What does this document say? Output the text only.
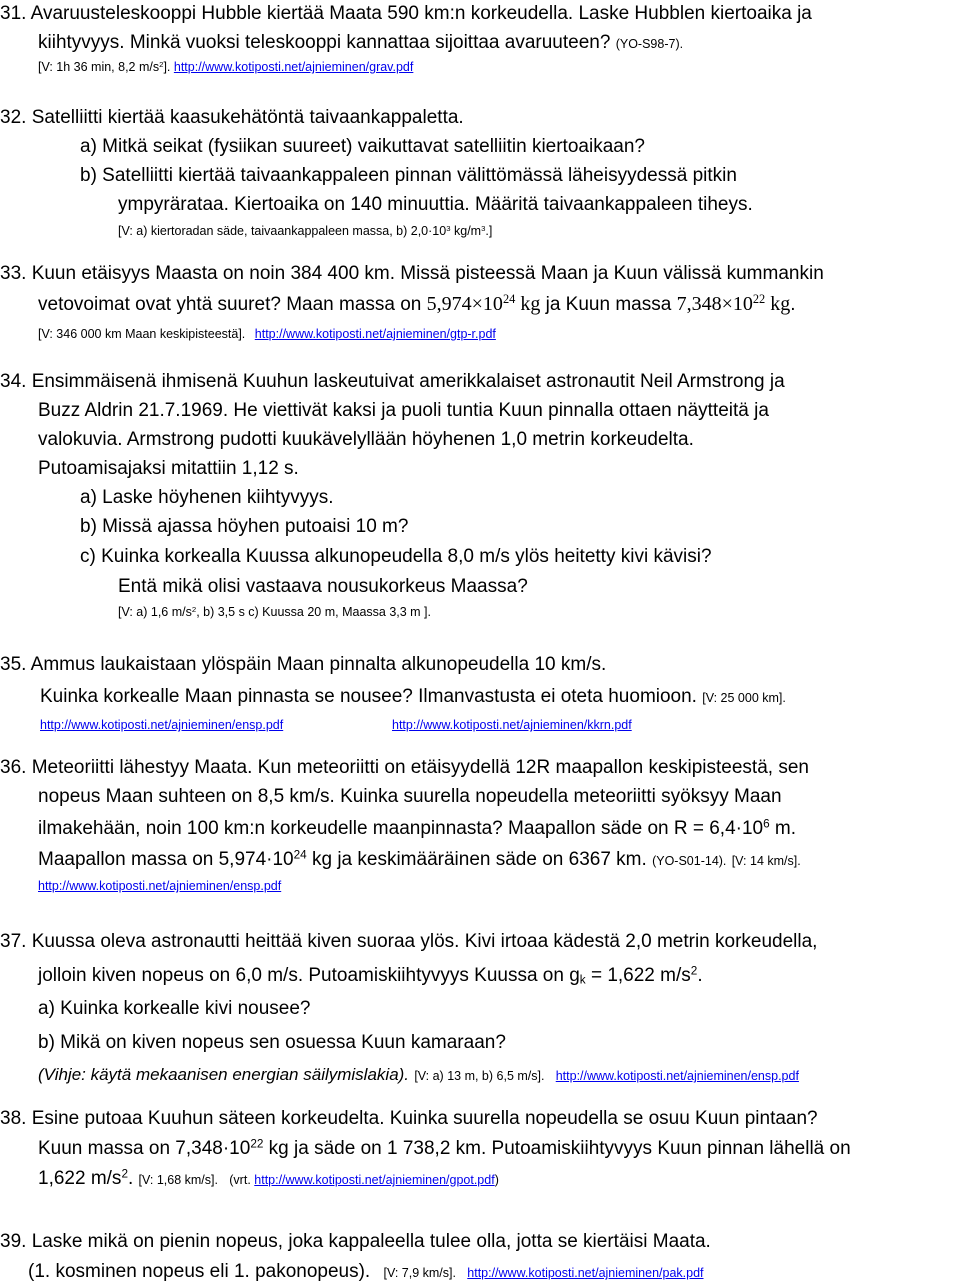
31. Avaruusteleskooppi Hubble kiertää Maata 590 km:n korkeudella. Laske Hubblen kiertoaika ja
kiihtyvyys. Minkä vuoksi teleskooppi kannattaa sijoittaa avaruuteen? (YO-S98-7).
[V: 1h 36 min, 8,2 $m/s^2$]. http://www.kotiposti.net/ajnieminen/grav.pdf
32. Satelliitti kiertää kaasukehätöntä taivaankappaletta.
a) Mitkä seikat (fysiikan suureet) vaikuttavat satelliitin kiertoaikaan?
b) Satelliitti kiertää taivaankappaleen pinnan välittömässä läheisyydessä pitkin
ympyrärataa. Kiertoaika on 140 minuuttia. Määritä taivaankappaleen tiheys.
[V: a) kiertoradan säde, taivaankappaleen massa, b) $2,0\cdot 10^3$ $kg/m^3$.]
33. Kuun etäisyys Maasta on noin 384 400 km. Missä pisteessä Maan ja Kuun välissä kummankin
vetovoimat ovat yhtä suuret? Maan massa on $5,974\times 10^{24}$ kg ja Kuun massa $7,348\times 10^{22}$ kg.
[V: 346 000 km Maan keskipisteestä]. http://www.kotiposti.net/ajnieminen/gtp-r.pdf
34. Ensimmäisenä ihmisenä Kuuhun laskeutuivat amerikkalaiset astronautit Neil Armstrong ja
Buzz Aldrin 21.7.1969. He viettivät kaksi ja puoli tuntia Kuun pinnalla ottaen näytteitä ja
valokuvia. Armstrong pudotti kuukävelyllään höyhenen 1,0 metrin korkeudelta.
Putoamisajaksi mitattiin 1,12 s.
a) Laske höyhenen kiihtyvyys.
b) Missä ajassa höyhen putoaisi 10 m?
c) Kuinka korkealla Kuussa alkunopeudella 8,0 m/s ylös heitetty kivi kävisi?
Entä mikä olisi vastaava nousukorkeus Maassa?
[V: a) 1,6 $m/s^2$, b) 3,5 s c) Kuussa 20 m, Maassa 3,3 m ].
35. Ammus laukaistaan ylöspäin Maan pinnalta alkunopeudella 10 km/s.
Kuinka korkealle Maan pinnasta se nousee? Ilmanvastusta ei oteta huomioon. [V: 25 000 km].
http://www.kotiposti.net/ajnieminen/ensp.pdf	http://www.kotiposti.net/ajnieminen/kkrn.pdf
36. Meteoriitti lähestyy Maata. Kun meteoriitti on etäisyydellä 12R maapallon keskipisteestä, sen
nopeus Maan suhteen on 8,5 km/s. Kuinka suurella nopeudella meteoriitti syöksyy Maan
ilmakehään, noin 100 km:n korkeudelle maanpinnasta? Maapallon säde on $R = 6,4\cdot 10^6$ m.
Maapallon massa on $5,974\cdot 10^{24}$ kg ja keskimääräinen säde on 6367 km. (YO-S01-14). [V: 14 km/s].
http://www.kotiposti.net/ajnieminen/ensp.pdf
37. Kuussa oleva astronautti heittää kiven suoraa ylös. Kivi irtoaa kädestä 2,0 metrin korkeudella,
jolloin kiven nopeus on 6,0 m/s. Putoamiskiihtyvyys Kuussa on $g_k = 1,622$ $m/s^2$.
a) Kuinka korkealle kivi nousee?
b) Mikä on kiven nopeus sen osuessa Kuun kamaraan?
(Vihje: käytä mekaanisen energian säilymislakia). [V: a) 13 m, b) 6,5 m/s]. http://www.kotiposti.net/ajnieminen/ensp.pdf
38. Esine putoaa Kuuhun säteen korkeudelta. Kuinka suurella nopeudella se osuu Kuun pintaan?
Kuun massa on $7,348\cdot 10^{22}$ kg ja säde on 1 738,2 km. Putoamiskiihtyvyys Kuun pinnan lähellä on
1,622 $m/s^2$. [V: 1,68 km/s]. (vrt. http://www.kotiposti.net/ajnieminen/gpot.pdf)
39. Laske mikä on pienin nopeus, joka kappaleella tulee olla, jotta se kiertäisi Maata.
(1. kosminen nopeus eli 1. pakonopeus). [V: 7,9 km/s]. http://www.kotiposti.net/ajnieminen/pak.pdf
